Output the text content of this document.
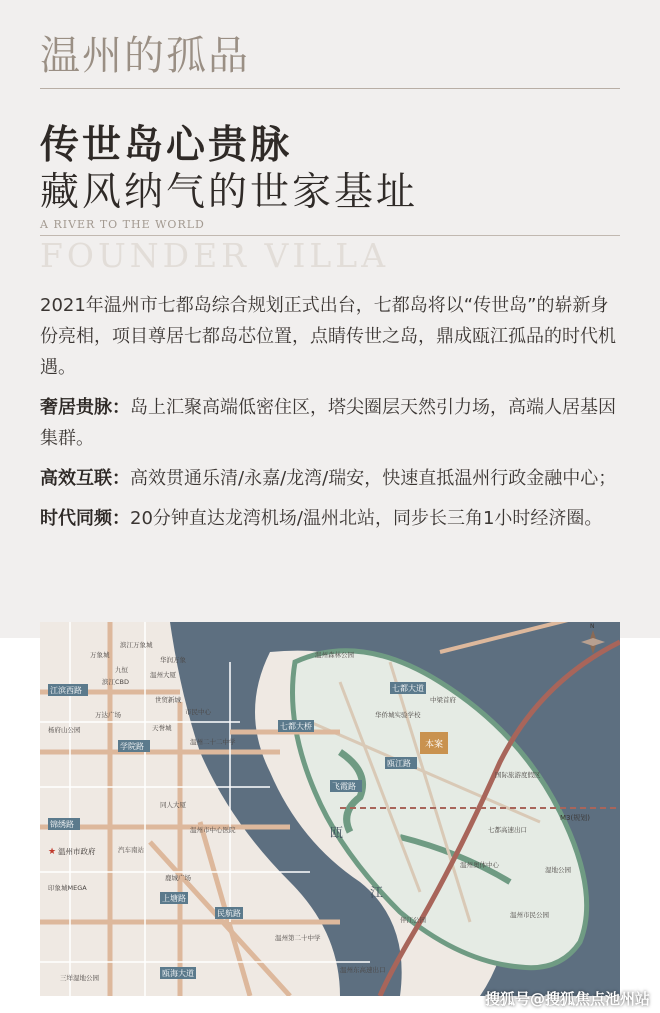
温州的孤品
传世岛心贵脉
藏风纳气的世家基址
A RIVER TO THE WORLD
FOUNDER VILLA

2021年温州市七都岛综合规划正式出台，七都岛将以“传世岛”的崭新身份亮相，项目尊居七都岛芯位置，点睛传世之岛，鼎成瓯江孤品的时代机遇。

奢居贵脉：岛上汇聚高端低密住区，塔尖圈层天然引力场，高端人居基因集群。

高效互联：高效贯通乐清/永嘉/龙湾/瑞安，快速直抵温州行政金融中心；

时代同频：20分钟直达龙湾机场/温州北站，同步长三角1小时经济圈。

本案
瓯
江
江滨西路
学院路
锦绣路
上塘路
民航路
瓯海大道
七都大道
七都大桥
飞霞路
瓯江路
万象城
滨江万象城
九恒
滨江CBD
温州大厦
华润万象
世贸新城
杨府山公园
万达广场
天誉城
温州二十二中学
市民中心
同人大厦
汽车南站
温州市中心医院
鹿城广场
印象城MEGA
温州第二十中学
温州奥体中心
温州森林公园
华侨城实验学校
中梁首府
七都高速出口
国际旅游度假区
温州市民公园
湿地公园
伴江公园
温州东高速出口
三垟湿地公园
★ 温州市政府
M3(规划)
N
搜狐号@搜狐焦点池州站
